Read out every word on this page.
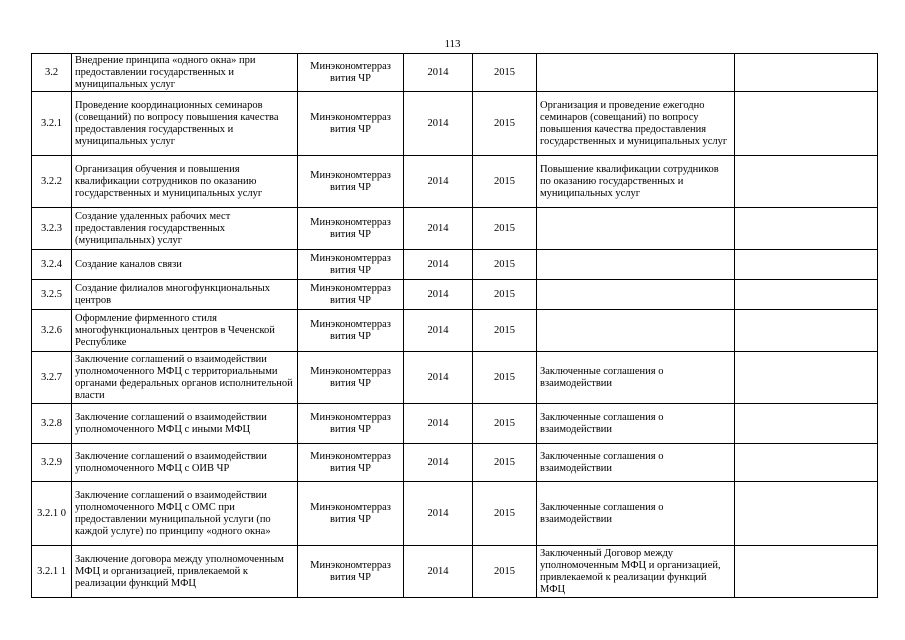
113
3.2	Внедрение принципа «одного окна» при предоставлении государственных и муниципальных услуг	Минэкономтерраз вития ЧР	2014	2015		
3.2.1	Проведение координационных семинаров (совещаний) по вопросу повышения качества предоставления государственных и муниципальных услуг	Минэкономтерраз вития ЧР	2014	2015	Организация и проведение ежегодно семинаров (совещаний) по вопросу повышения качества предоставления государственных и муниципальных услуг	
3.2.2	Организация обучения и повышения квалификации сотрудников по оказанию государственных и муниципальных услуг	Минэкономтерраз вития ЧР	2014	2015	Повышение квалификации сотрудников по оказанию государственных и муниципальных услуг	
3.2.3	Создание удаленных рабочих мест предоставления государственных (муниципальных) услуг	Минэкономтерраз вития ЧР	2014	2015		
3.2.4	Создание каналов связи	Минэкономтерраз вития ЧР	2014	2015		
3.2.5	Создание филиалов многофункциональных центров	Минэкономтерраз вития ЧР	2014	2015		
3.2.6	Оформление фирменного стиля многофункциональных центров в Чеченской Республике	Минэкономтерраз вития ЧР	2014	2015		
3.2.7	Заключение соглашений о взаимодействии уполномоченного МФЦ с территориальными органами федеральных органов исполнительной власти	Минэкономтерраз вития ЧР	2014	2015	Заключенные соглашения о взаимодействии	
3.2.8	Заключение соглашений о взаимодействии уполномоченного МФЦ с иными МФЦ	Минэкономтерраз вития ЧР	2014	2015	Заключенные соглашения о взаимодействии	
3.2.9	Заключение соглашений о взаимодействии уполномоченного МФЦ с ОИВ ЧР	Минэкономтерраз вития ЧР	2014	2015	Заключенные соглашения о взаимодействии	
3.2.1 0	Заключение соглашений о взаимодействии уполномоченного МФЦ с ОМС при предоставлении муниципальной услуги (по каждой услуге) по принципу «одного окна»	Минэкономтерраз вития ЧР	2014	2015	Заключенные соглашения о взаимодействии	
3.2.1 1	Заключение договора между уполномоченным МФЦ и организацией, привлекаемой к реализации функций МФЦ	Минэкономтерраз вития ЧР	2014	2015	Заключенный Договор между уполномоченным МФЦ и организацией, привлекаемой к реализации функций МФЦ	
